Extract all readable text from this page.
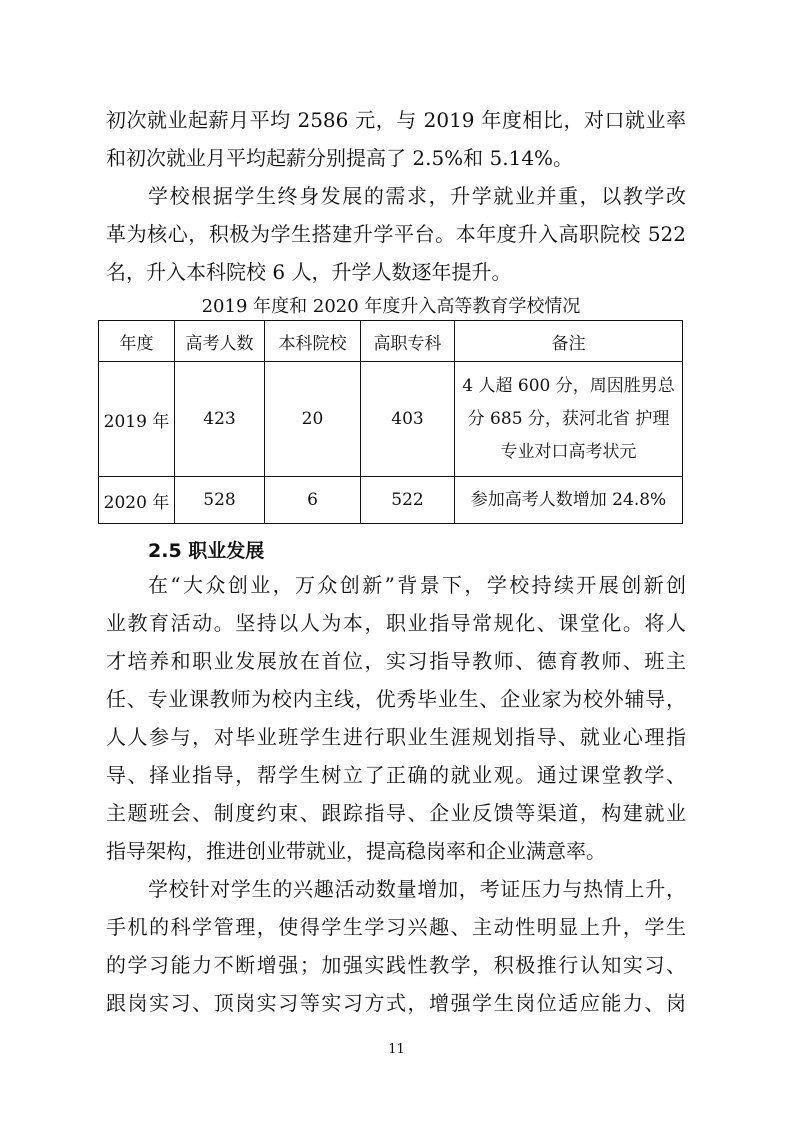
初次就业起薪月平均 2586 元，与 2019 年度相比，对口就业率
和初次就业月平均起薪分别提高了 2.5%和 5.14%。
学校根据学生终身发展的需求，升学就业并重，以教学改
革为核心，积极为学生搭建升学平台。本年度升入高职院校 522
名，升入本科院校 6 人，升学人数逐年提升。
2019 年度和 2020 年度升入高等教育学校情况
年度	高考人数	本科院校	高职专科	备注
2019 年	423	20	403	4 人超 600 分，周因胜男总
分 685 分，获河北省 护理
专业对口高考状元

2020 年	528	6	522	参加高考人数增加 24.8%
2.5 职业发展
在“大众创业，万众创新”背景下，学校持续开展创新创
业教育活动。坚持以人为本，职业指导常规化、课堂化。将人
才培养和职业发展放在首位，实习指导教师、德育教师、班主
任、专业课教师为校内主线，优秀毕业生、企业家为校外辅导，
人人参与，对毕业班学生进行职业生涯规划指导、就业心理指
导、择业指导，帮学生树立了正确的就业观。通过课堂教学、
主题班会、制度约束、跟踪指导、企业反馈等渠道，构建就业
指导架构，推进创业带就业，提高稳岗率和企业满意率。
学校针对学生的兴趣活动数量增加，考证压力与热情上升，
手机的科学管理，使得学生学习兴趣、主动性明显上升，学生
的学习能力不断增强；加强实践性教学，积极推行认知实习、
跟岗实习、顶岗实习等实习方式，增强学生岗位适应能力、岗
11
